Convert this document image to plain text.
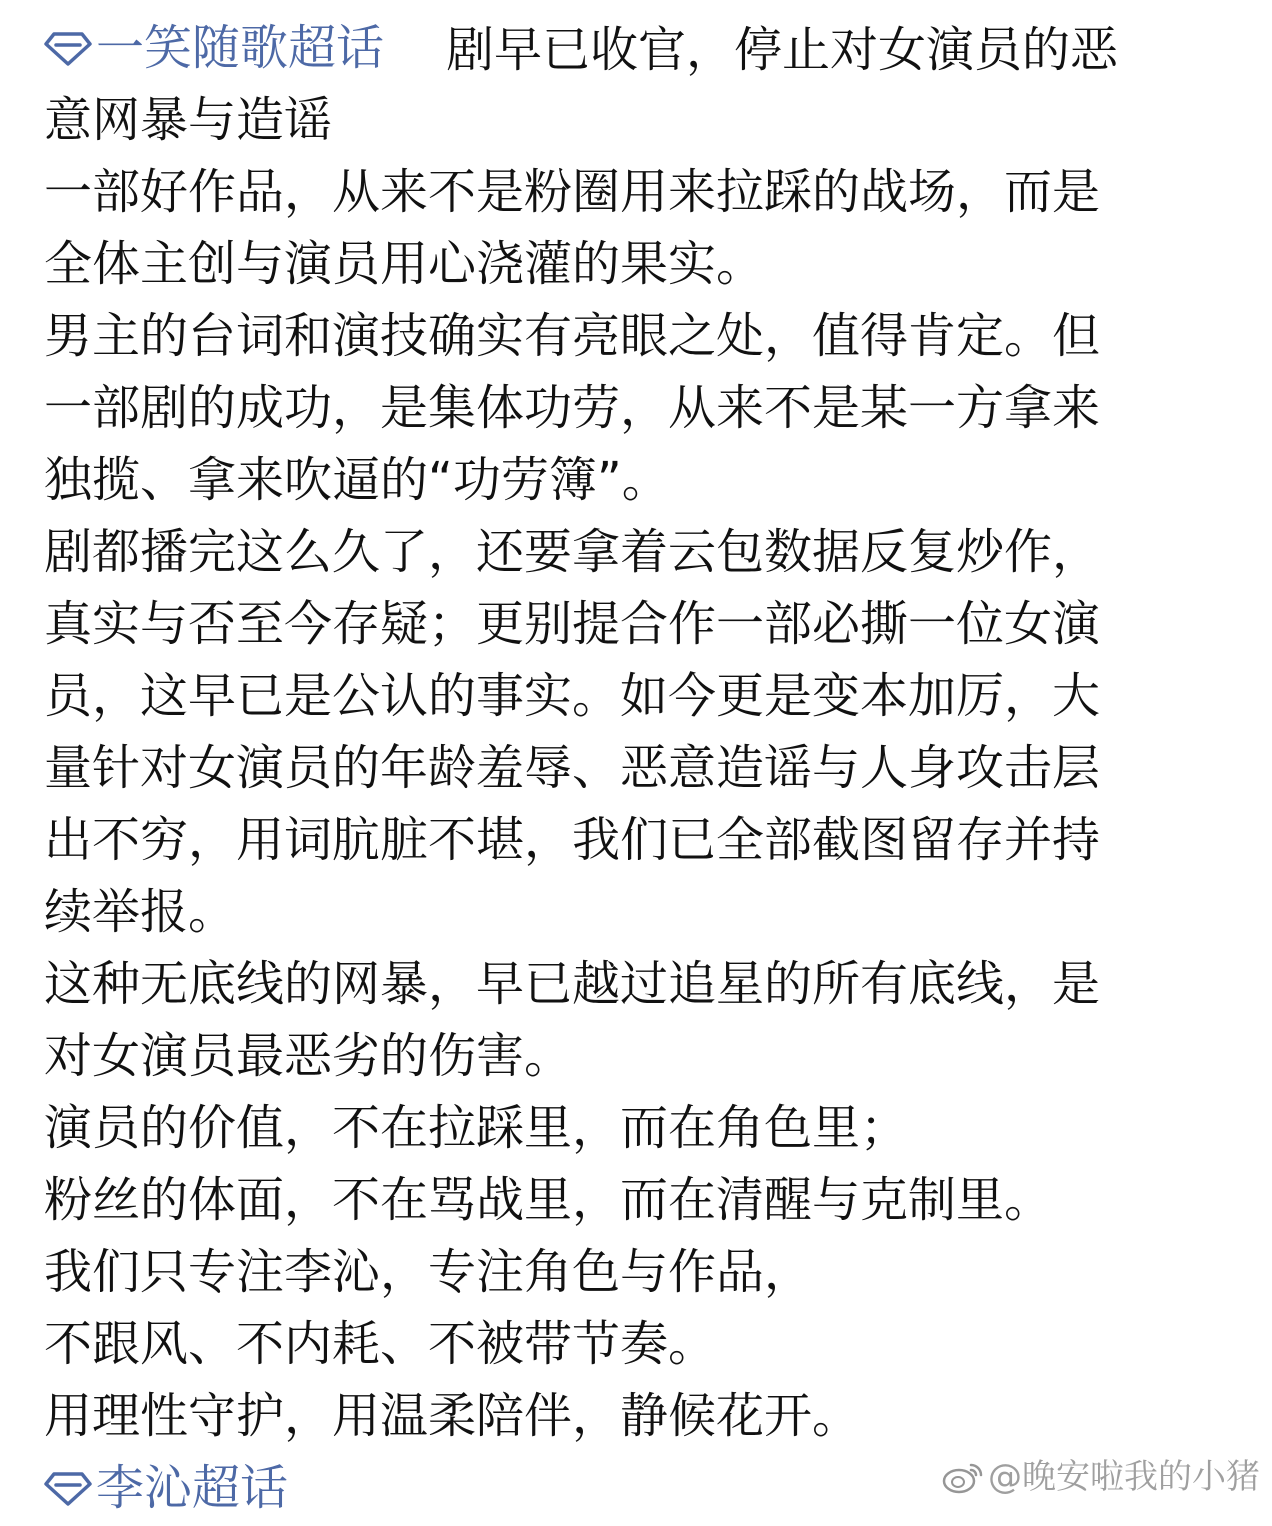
一笑随歌超话 剧早已收官，停止对女演员的恶
意网暴与造谣
一部好作品，从来不是粉圈用来拉踩的战场，而是
全体主创与演员用心浇灌的果实。
男主的台词和演技确实有亮眼之处，值得肯定。但
一部剧的成功，是集体功劳，从来不是某一方拿来
独揽、拿来吹逼的“功劳簿”。
剧都播完这么久了，还要拿着云包数据反复炒作，
真实与否至今存疑；更别提合作一部必撕一位女演
员，这早已是公认的事实。如今更是变本加厉，大
量针对女演员的年龄羞辱、恶意造谣与人身攻击层
出不穷，用词肮脏不堪，我们已全部截图留存并持
续举报。
这种无底线的网暴，早已越过追星的所有底线，是
对女演员最恶劣的伤害。
演员的价值，不在拉踩里，而在角色里；
粉丝的体面，不在骂战里，而在清醒与克制里。
我们只专注李沁，专注角色与作品，
不跟风、不内耗、不被带节奏。
用理性守护，用温柔陪伴，静候花开。
李沁超话	@晚安啦我的小猪
